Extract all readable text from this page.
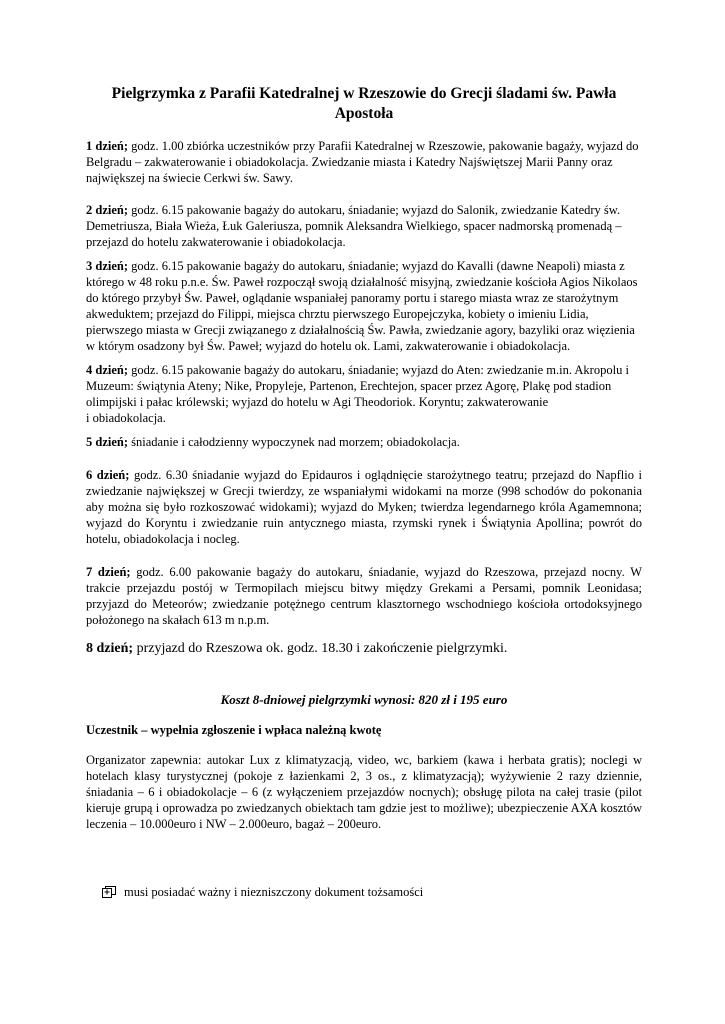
Pielgrzymka z Parafii Katedralnej w Rzeszowie do Grecji śladami św. Pawła Apostoła

1 dzień; godz. 1.00 zbiórka uczestników przy Parafii Katedralnej w Rzeszowie, pakowanie bagaży, wyjazd do Belgradu – zakwaterowanie i obiadokolacja. Zwiedzanie miasta i Katedry Najświętszej Marii Panny oraz największej na świecie Cerkwi św. Sawy.

2 dzień; godz. 6.15 pakowanie bagaży do autokaru, śniadanie; wyjazd do Salonik, zwiedzanie Katedry św. Demetriusza, Biała Wieża, Łuk Galeriusza, pomnik Aleksandra Wielkiego, spacer nadmorską promenadą – przejazd do hotelu zakwaterowanie i obiadokolacja.

3 dzień; godz. 6.15 pakowanie bagaży do autokaru, śniadanie; wyjazd do Kavalli (dawne Neapoli) miasta z którego w 48 roku p.n.e. Św. Paweł rozpoczął swoją działalność misyjną, zwiedzanie kościoła Agios Nikolaos do którego przybył Św. Paweł, oglądanie wspaniałej panoramy portu i starego miasta wraz ze starożytnym akweduktem; przejazd do Filippi, miejsca chrztu pierwszego Europejczyka, kobiety o imieniu Lidia, pierwszego miasta w Grecji związanego z działalnością Św. Pawła, zwiedzanie agory, bazyliki oraz więzienia w którym osadzony był Św. Paweł; wyjazd do hotelu ok. Lami, zakwaterowanie i obiadokolacja.

4 dzień; godz. 6.15 pakowanie bagaży do autokaru, śniadanie; wyjazd do Aten: zwiedzanie m.in. Akropolu i Muzeum: świątynia Ateny; Nike, Propyleje, Partenon, Erechtejon, spacer przez Agorę, Plakę pod stadion olimpijski i pałac królewski; wyjazd do hotelu w Agi Theodoriok. Koryntu; zakwaterowanie
i obiadokolacja.

5 dzień; śniadanie i całodzienny wypoczynek nad morzem; obiadokolacja.

6 dzień; godz. 6.30 śniadanie wyjazd do Epidauros i oglądnięcie starożytnego teatru; przejazd do Napflio i zwiedzanie największej w Grecji twierdzy, ze wspaniałymi widokami na morze (998 schodów do pokonania aby można się było rozkoszować widokami); wyjazd do Myken; twierdza legendarnego króla Agamemnona; wyjazd do Koryntu i zwiedzanie ruin antycznego miasta, rzymski rynek i Świątynia Apollina; powrót do hotelu, obiadokolacja i nocleg.

7 dzień; godz. 6.00 pakowanie bagaży do autokaru, śniadanie, wyjazd do Rzeszowa, przejazd nocny. W trakcie przejazdu postój w Termopilach miejscu bitwy między Grekami a Persami, pomnik Leonidasa; przyjazd do Meteorów; zwiedzanie potężnego centrum klasztornego wschodniego kościoła ortodoksyjnego położonego na skałach 613 m n.p.m.

8 dzień; przyjazd do Rzeszowa ok. godz. 18.30 i zakończenie pielgrzymki.

Koszt 8-dniowej pielgrzymki wynosi: 820 zł i 195 euro

Uczestnik – wypełnia zgłoszenie i wpłaca należną kwotę

Organizator zapewnia: autokar Lux z klimatyzacją, video, wc, barkiem (kawa i herbata gratis); noclegi w hotelach klasy turystycznej (pokoje z łazienkami 2, 3 os., z klimatyzacją); wyżywienie 2 razy dziennie, śniadania – 6 i obiadokolacje – 6 (z wyłączeniem przejazdów nocnych); obsługę pilota na całej trasie (pilot kieruje grupą i oprowadza po zwiedzanych obiektach tam gdzie jest to możliwe); ubezpieczenie AXA kosztów leczenia – 10.000euro i NW – 2.000euro, bagaż – 200euro.

musi posiadać ważny i niezniszczony dokument tożsamości
